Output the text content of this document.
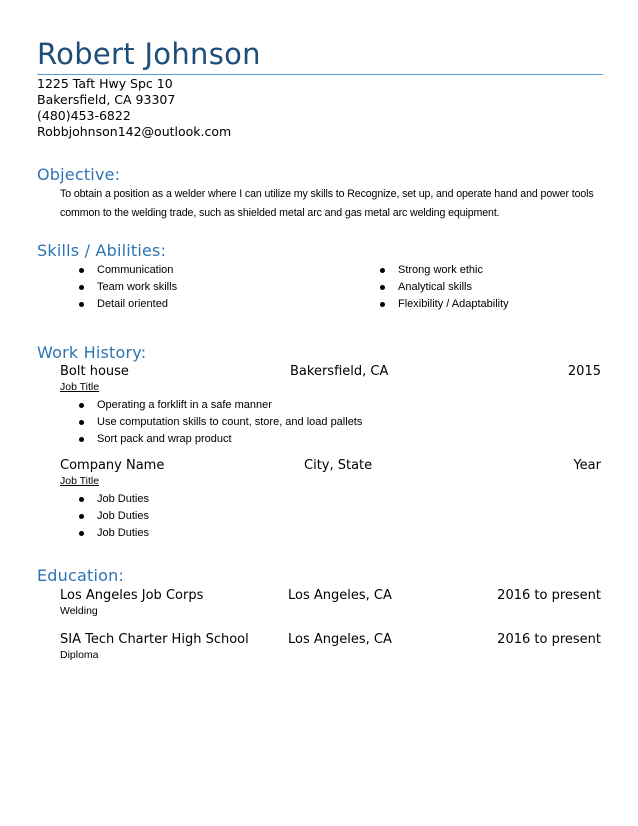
Robert Johnson
1225 Taft Hwy Spc 10
Bakersfield, CA 93307
(480)453-6822
Robbjohnson142@outlook.com
Objective:
To obtain a position as a welder where I can utilize my skills to Recognize, set up, and operate hand and power tools common to the welding trade, such as shielded metal arc and gas metal arc welding equipment.
Skills / Abilities:
Communication
Team work skills
Detail oriented
Strong work ethic
Analytical skills
Flexibility / Adaptability
Work History:
Bolt house	Bakersfield, CA	2015
Job Title
Operating a forklift in a safe manner
Use computation skills to count, store, and load pallets
Sort pack and wrap product
Company Name	City, State	Year
Job Title
Job Duties
Job Duties
Job Duties
Education:
Los Angeles Job Corps	Los Angeles, CA	2016 to present
Welding
SIA Tech Charter High School	Los Angeles, CA	2016 to present
Diploma
